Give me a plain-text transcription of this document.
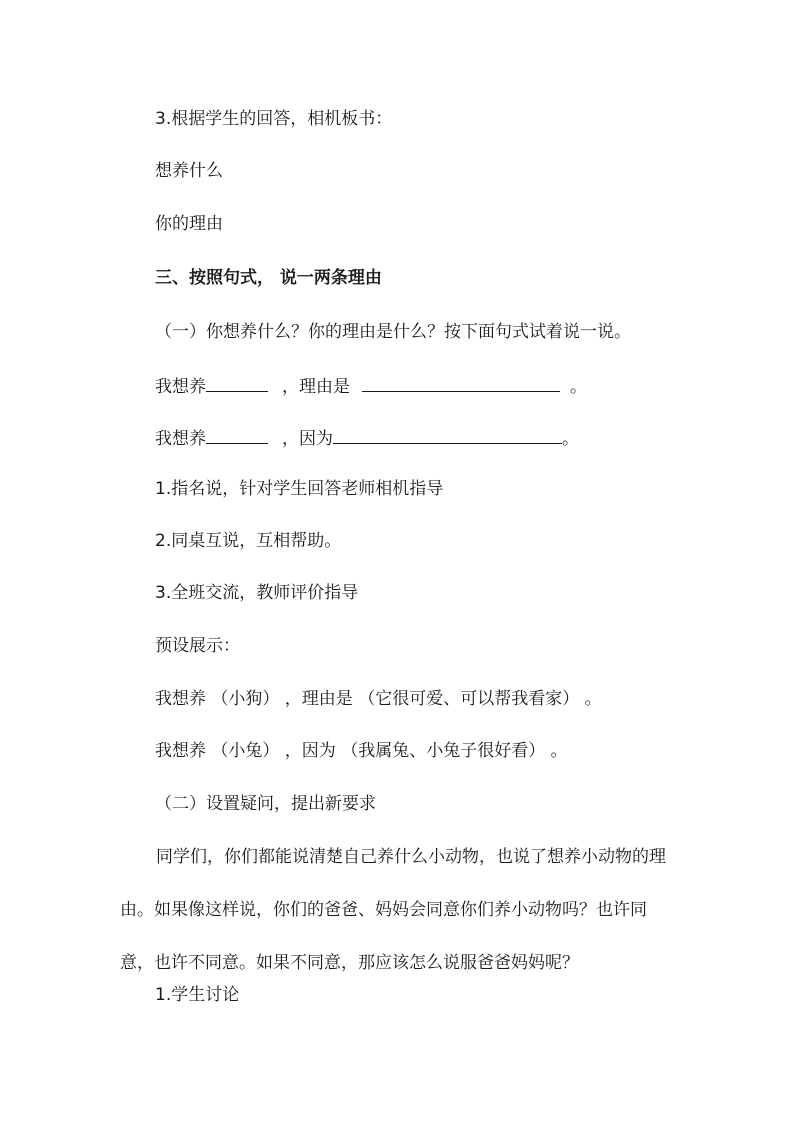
3.根据学生的回答，相机板书：

想养什么

你的理由

三、按照句式， 说一两条理由

（一）你想养什么？你的理由是什么？按下面句式试着说一说。

我想养	，理由是	。

我想养	，因为	。

1.指名说，针对学生回答老师相机指导

2.同桌互说，互相帮助。

3.全班交流，教师评价指导

预设展示：

我想养 （小狗） ，理由是 （它很可爱、可以帮我看家） 。

我想养 （小兔） ，因为 （我属兔、小兔子很好看） 。

（二）设置疑问，提出新要求

同学们，你们都能说清楚自己养什么小动物，也说了想养小动物的理由。如果像这样说，你们的爸爸、妈妈会同意你们养小动物吗？也许同意，也许不同意。如果不同意，那应该怎么说服爸爸妈妈呢？

1.学生讨论
